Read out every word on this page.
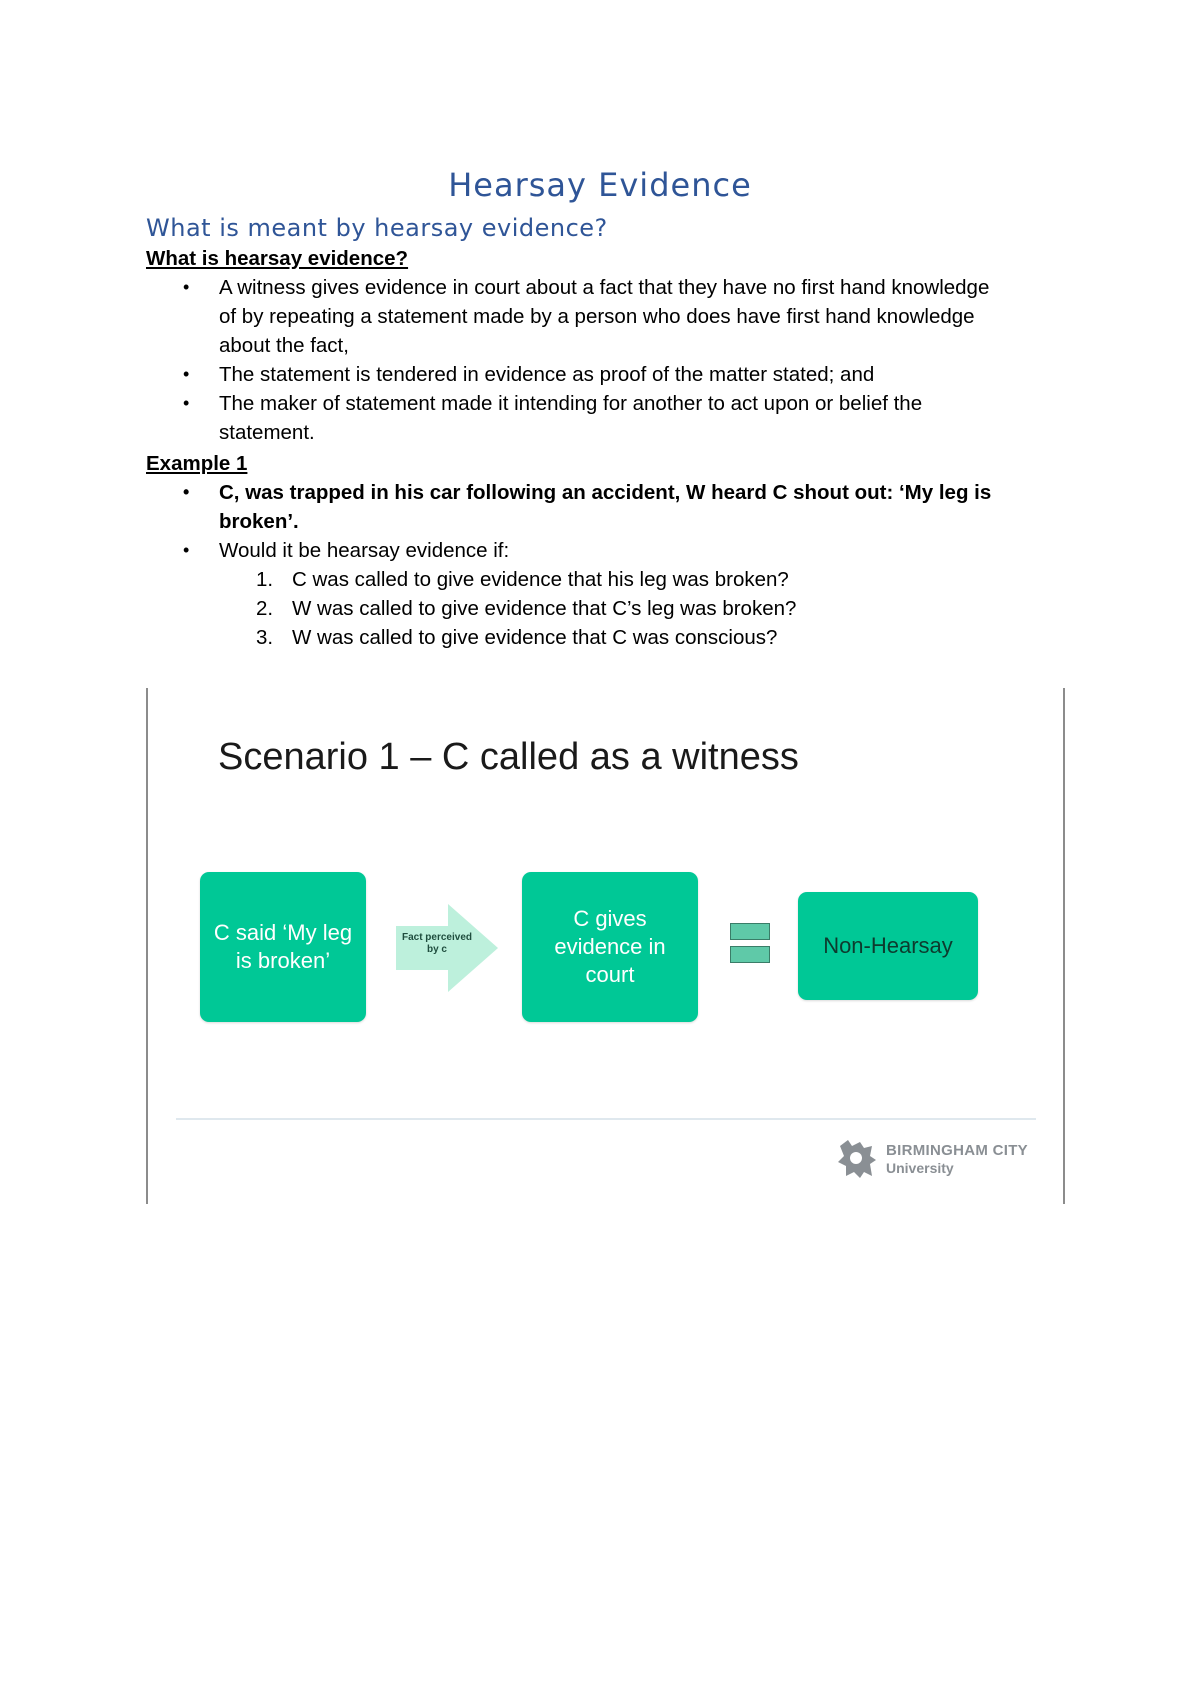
Hearsay Evidence
What is meant by hearsay evidence?
What is hearsay evidence?
• A witness gives evidence in court about a fact that they have no first hand knowledge
of by repeating a statement made by a person who does have first hand knowledge
about the fact,
• The statement is tendered in evidence as proof of the matter stated; and
• The maker of statement made it intending for another to act upon or belief the
statement.
Example 1
• C, was trapped in his car following an accident, W heard C shout out: ‘My leg is
broken’.
• Would it be hearsay evidence if:
1. C was called to give evidence that his leg was broken?
2. W was called to give evidence that C’s leg was broken?
3. W was called to give evidence that C was conscious?
Scenario 1 – C called as a witness
C said ‘My leg
is broken’
Fact perceived
by c
C gives
evidence in
court
Non-Hearsay
BIRMINGHAM CITY
University
